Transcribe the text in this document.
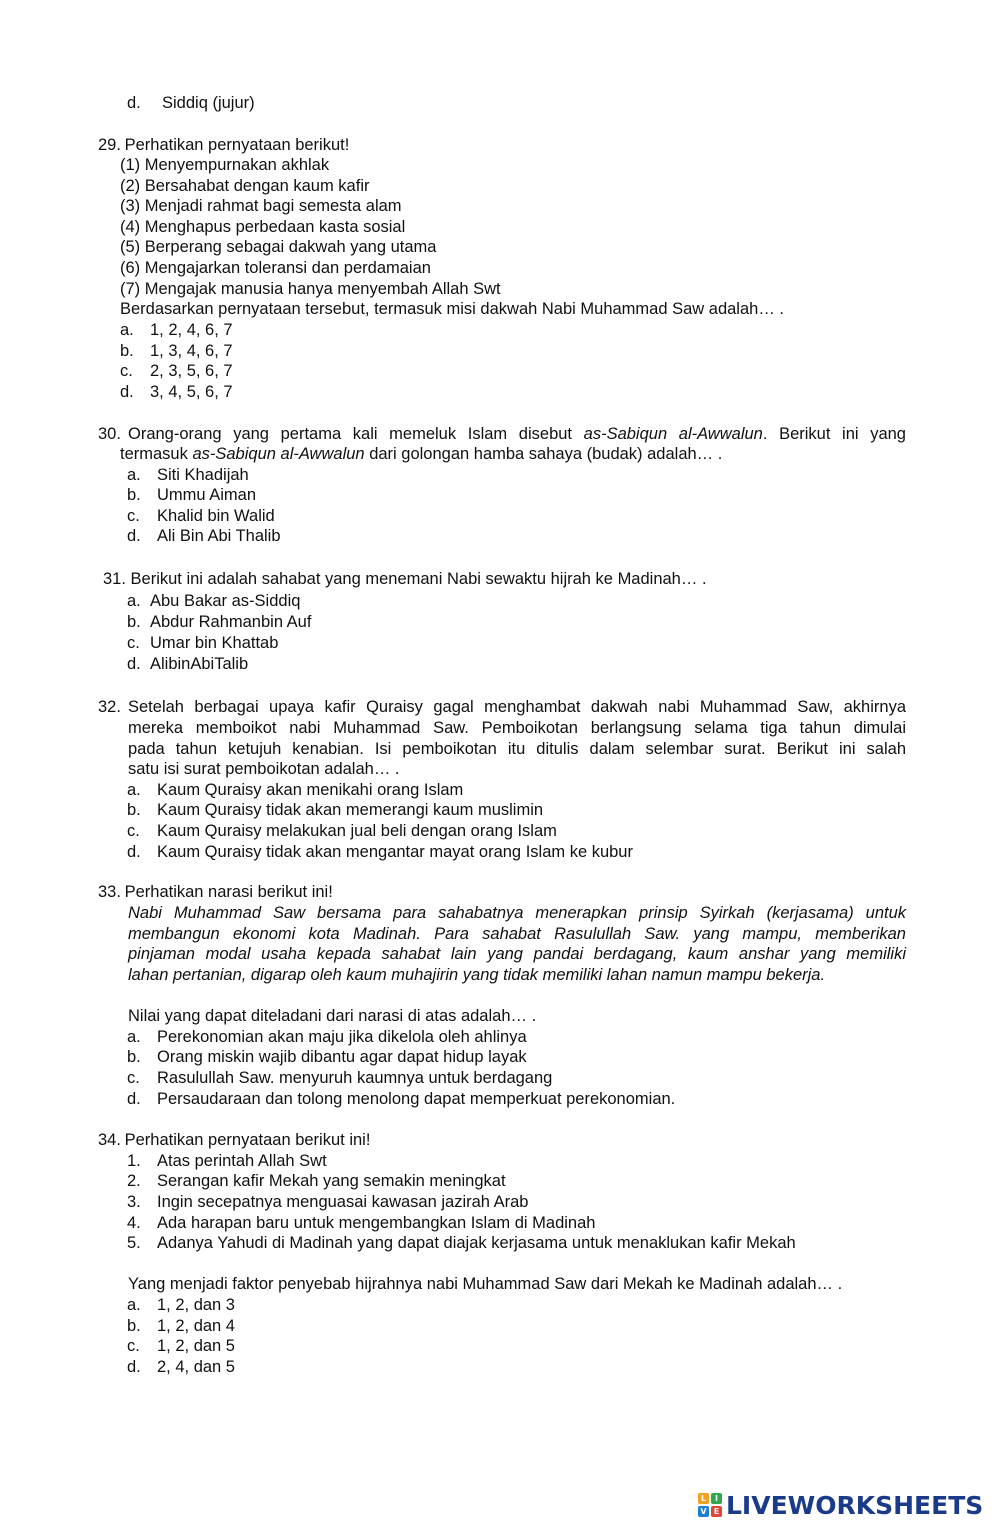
d. Siddiq (jujur)
29. Perhatikan pernyataan berikut!
(1) Menyempurnakan akhlak
(2) Bersahabat dengan kaum kafir
(3) Menjadi rahmat bagi semesta alam
(4) Menghapus perbedaan kasta sosial
(5) Berperang sebagai dakwah yang utama
(6) Mengajarkan toleransi dan perdamaian
(7) Mengajak manusia hanya menyembah Allah Swt
Berdasarkan pernyataan tersebut, termasuk misi dakwah Nabi Muhammad Saw adalah… .
a. 1, 2, 4, 6, 7
b. 1, 3, 4, 6, 7
c. 2, 3, 5, 6, 7
d. 3, 4, 5, 6, 7
30. Orang-orang yang pertama kali memeluk Islam disebut as-Sabiqun al-Awwalun. Berikut ini yang
termasuk as-Sabiqun al-Awwalun dari golongan hamba sahaya (budak) adalah… .
a. Siti Khadijah
b. Ummu Aiman
c. Khalid bin Walid
d. Ali Bin Abi Thalib
31. Berikut ini adalah sahabat yang menemani Nabi sewaktu hijrah ke Madinah… .
a. Abu Bakar as-Siddiq
b. Abdur Rahmanbin Auf
c. Umar bin Khattab
d. AlibinAbiTalib
32. Setelah berbagai upaya kafir Quraisy gagal menghambat dakwah nabi Muhammad Saw, akhirnya
mereka memboikot nabi Muhammad Saw. Pemboikotan berlangsung selama tiga tahun dimulai
pada tahun ketujuh kenabian. Isi pemboikotan itu ditulis dalam selembar surat. Berikut ini salah
satu isi surat pemboikotan adalah… .
a. Kaum Quraisy akan menikahi orang Islam
b. Kaum Quraisy tidak akan memerangi kaum muslimin
c. Kaum Quraisy melakukan jual beli dengan orang Islam
d. Kaum Quraisy tidak akan mengantar mayat orang Islam ke kubur
33. Perhatikan narasi berikut ini!
Nabi Muhammad Saw bersama para sahabatnya menerapkan prinsip Syirkah (kerjasama) untuk
membangun ekonomi kota Madinah. Para sahabat Rasulullah Saw. yang mampu, memberikan
pinjaman modal usaha kepada sahabat lain yang pandai berdagang, kaum anshar yang memiliki
lahan pertanian, digarap oleh kaum muhajirin yang tidak memiliki lahan namun mampu bekerja.
Nilai yang dapat diteladani dari narasi di atas adalah… .
a. Perekonomian akan maju jika dikelola oleh ahlinya
b. Orang miskin wajib dibantu agar dapat hidup layak
c. Rasulullah Saw. menyuruh kaumnya untuk berdagang
d. Persaudaraan dan tolong menolong dapat memperkuat perekonomian.
34. Perhatikan pernyataan berikut ini!
1. Atas perintah Allah Swt
2. Serangan kafir Mekah yang semakin meningkat
3. Ingin secepatnya menguasai kawasan jazirah Arab
4. Ada harapan baru untuk mengembangkan Islam di Madinah
5. Adanya Yahudi di Madinah yang dapat diajak kerjasama untuk menaklukan kafir Mekah
Yang menjadi faktor penyebab hijrahnya nabi Muhammad Saw dari Mekah ke Madinah adalah… .
a. 1, 2, dan 3
b. 1, 2, dan 4
c. 1, 2, dan 5
d. 2, 4, dan 5
L	I
V E LIVEWORKSHEETS
